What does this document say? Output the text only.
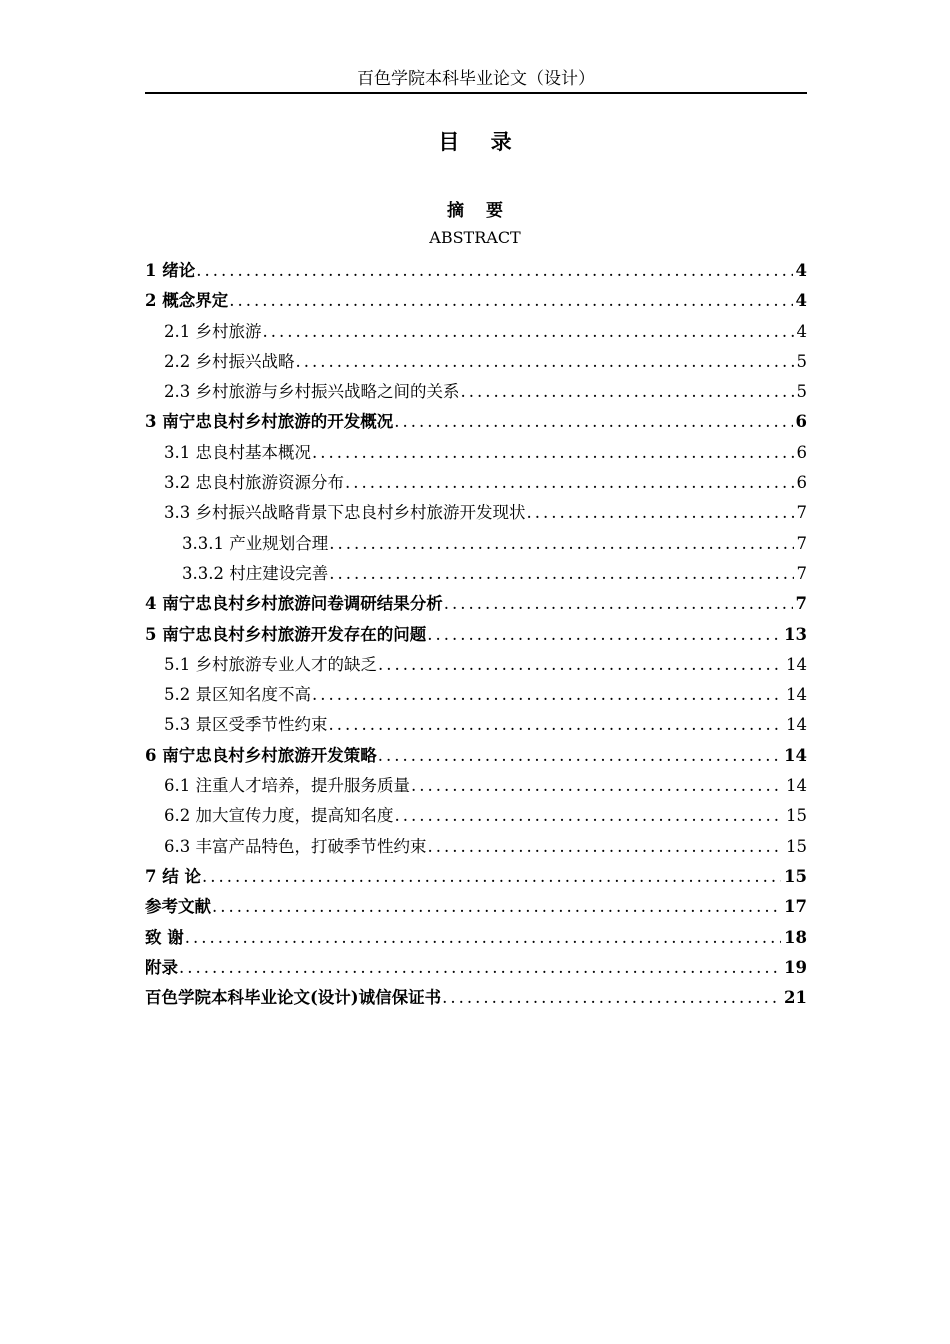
百色学院本科毕业论文（设计）
目 录
摘 要
ABSTRACT
1 绪论 .....	4
2 概念界定 .....	4
2.1 乡村旅游 .....	4
2.2 乡村振兴战略 .....	5
2.3 乡村旅游与乡村振兴战略之间的关系 .....	5
3 南宁忠良村乡村旅游的开发概况 .....	6
3.1 忠良村基本概况 .....	6
3.2 忠良村旅游资源分布 .....	6
3.3 乡村振兴战略背景下忠良村乡村旅游开发现状 .....	7
3.3.1 产业规划合理 .....	7
3.3.2 村庄建设完善 .....	7
4 南宁忠良村乡村旅游问卷调研结果分析 .....	7
5 南宁忠良村乡村旅游开发存在的问题 .....	13
5.1 乡村旅游专业人才的缺乏 .....	14
5.2 景区知名度不高 .....	14
5.3 景区受季节性约束 .....	14
6 南宁忠良村乡村旅游开发策略 .....	14
6.1 注重人才培养，提升服务质量 .....	14
6.2 加大宣传力度，提高知名度 .....	15
6.3 丰富产品特色，打破季节性约束 .....	15
7 结 论 .....	15
参考文献 .....	17
致 谢 .....	18
附录 .....	19
百色学院本科毕业论文(设计)诚信保证书 .....	21
